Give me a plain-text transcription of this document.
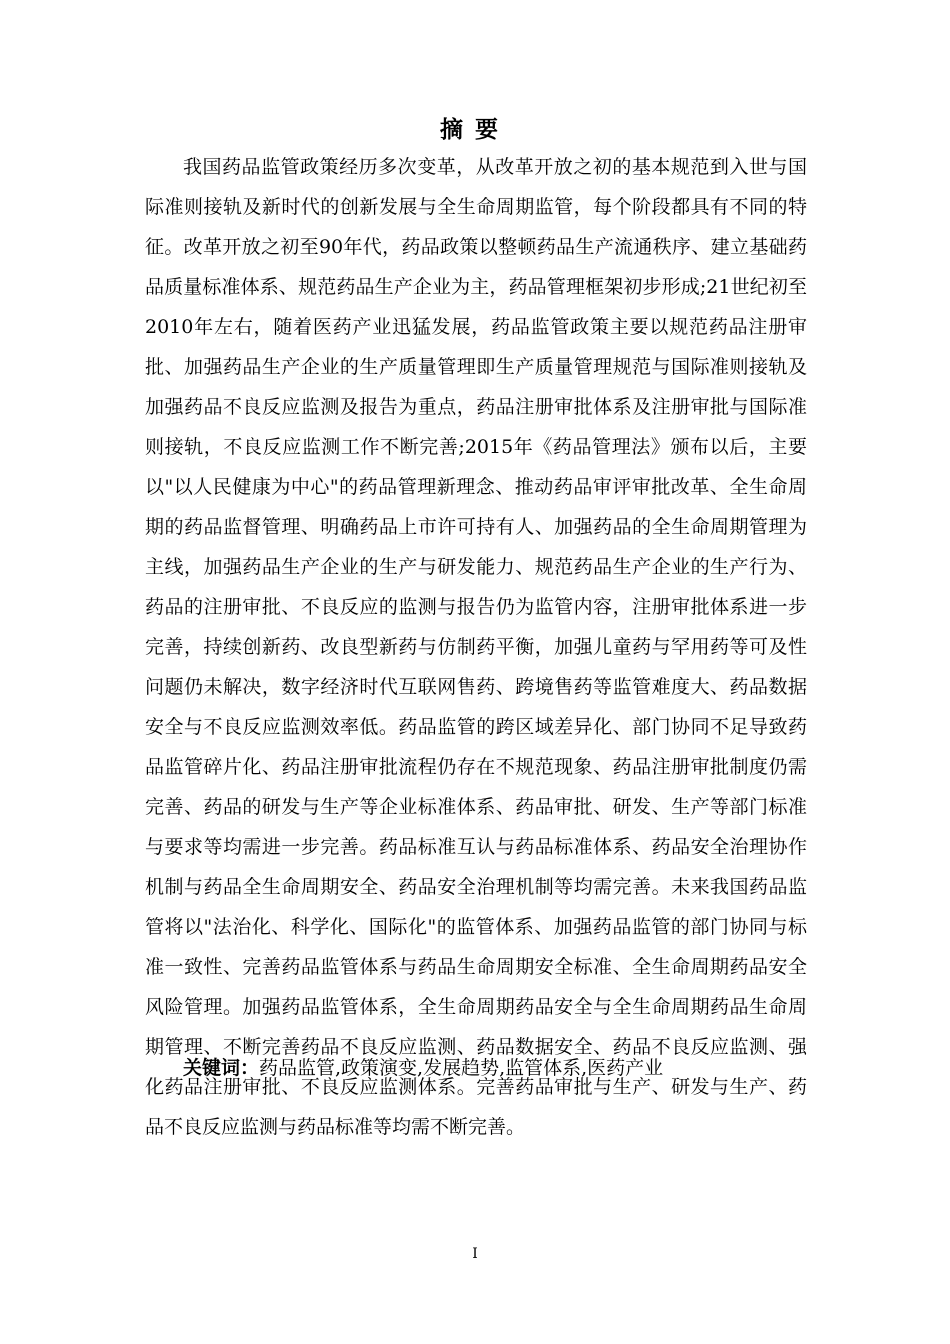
摘要

我国药品监管政策经历多次变革，从改革开放之初的基本规范到入世与国际准则接轨及新时代的创新发展与全生命周期监管，每个阶段都具有不同的特征。改革开放之初至90年代，药品政策以整顿药品生产流通秩序、建立基础药品质量标准体系、规范药品生产企业为主，药品管理框架初步形成;21世纪初至2010年左右，随着医药产业迅猛发展，药品监管政策主要以规范药品注册审批、加强药品生产企业的生产质量管理即生产质量管理规范与国际准则接轨及加强药品不良反应监测及报告为重点，药品注册审批体系及注册审批与国际准则接轨，不良反应监测工作不断完善;2015年《药品管理法》颁布以后，主要以"以人民健康为中心"的药品管理新理念、推动药品审评审批改革、全生命周期的药品监督管理、明确药品上市许可持有人、加强药品的全生命周期管理为主线，加强药品生产企业的生产与研发能力、规范药品生产企业的生产行为、药品的注册审批、不良反应的监测与报告仍为监管内容，注册审批体系进一步完善，持续创新药、改良型新药与仿制药平衡，加强儿童药与罕用药等可及性问题仍未解决，数字经济时代互联网售药、跨境售药等监管难度大、药品数据安全与不良反应监测效率低。药品监管的跨区域差异化、部门协同不足导致药品监管碎片化、药品注册审批流程仍存在不规范现象、药品注册审批制度仍需完善、药品的研发与生产等企业标准体系、药品审批、研发、生产等部门标准与要求等均需进一步完善。药品标准互认与药品标准体系、药品安全治理协作机制与药品全生命周期安全、药品安全治理机制等均需完善。未来我国药品监管将以"法治化、科学化、国际化"的监管体系、加强药品监管的部门协同与标准一致性、完善药品监管体系与药品生命周期安全标准、全生命周期药品安全风险管理。加强药品监管体系，全生命周期药品安全与全生命周期药品生命周期管理、不断完善药品不良反应监测、药品数据安全、药品不良反应监测、强化药品注册审批、不良反应监测体系。完善药品审批与生产、研发与生产、药品不良反应监测与药品标准等均需不断完善。

关键词：药品监管,政策演变,发展趋势,监管体系,医药产业
I
